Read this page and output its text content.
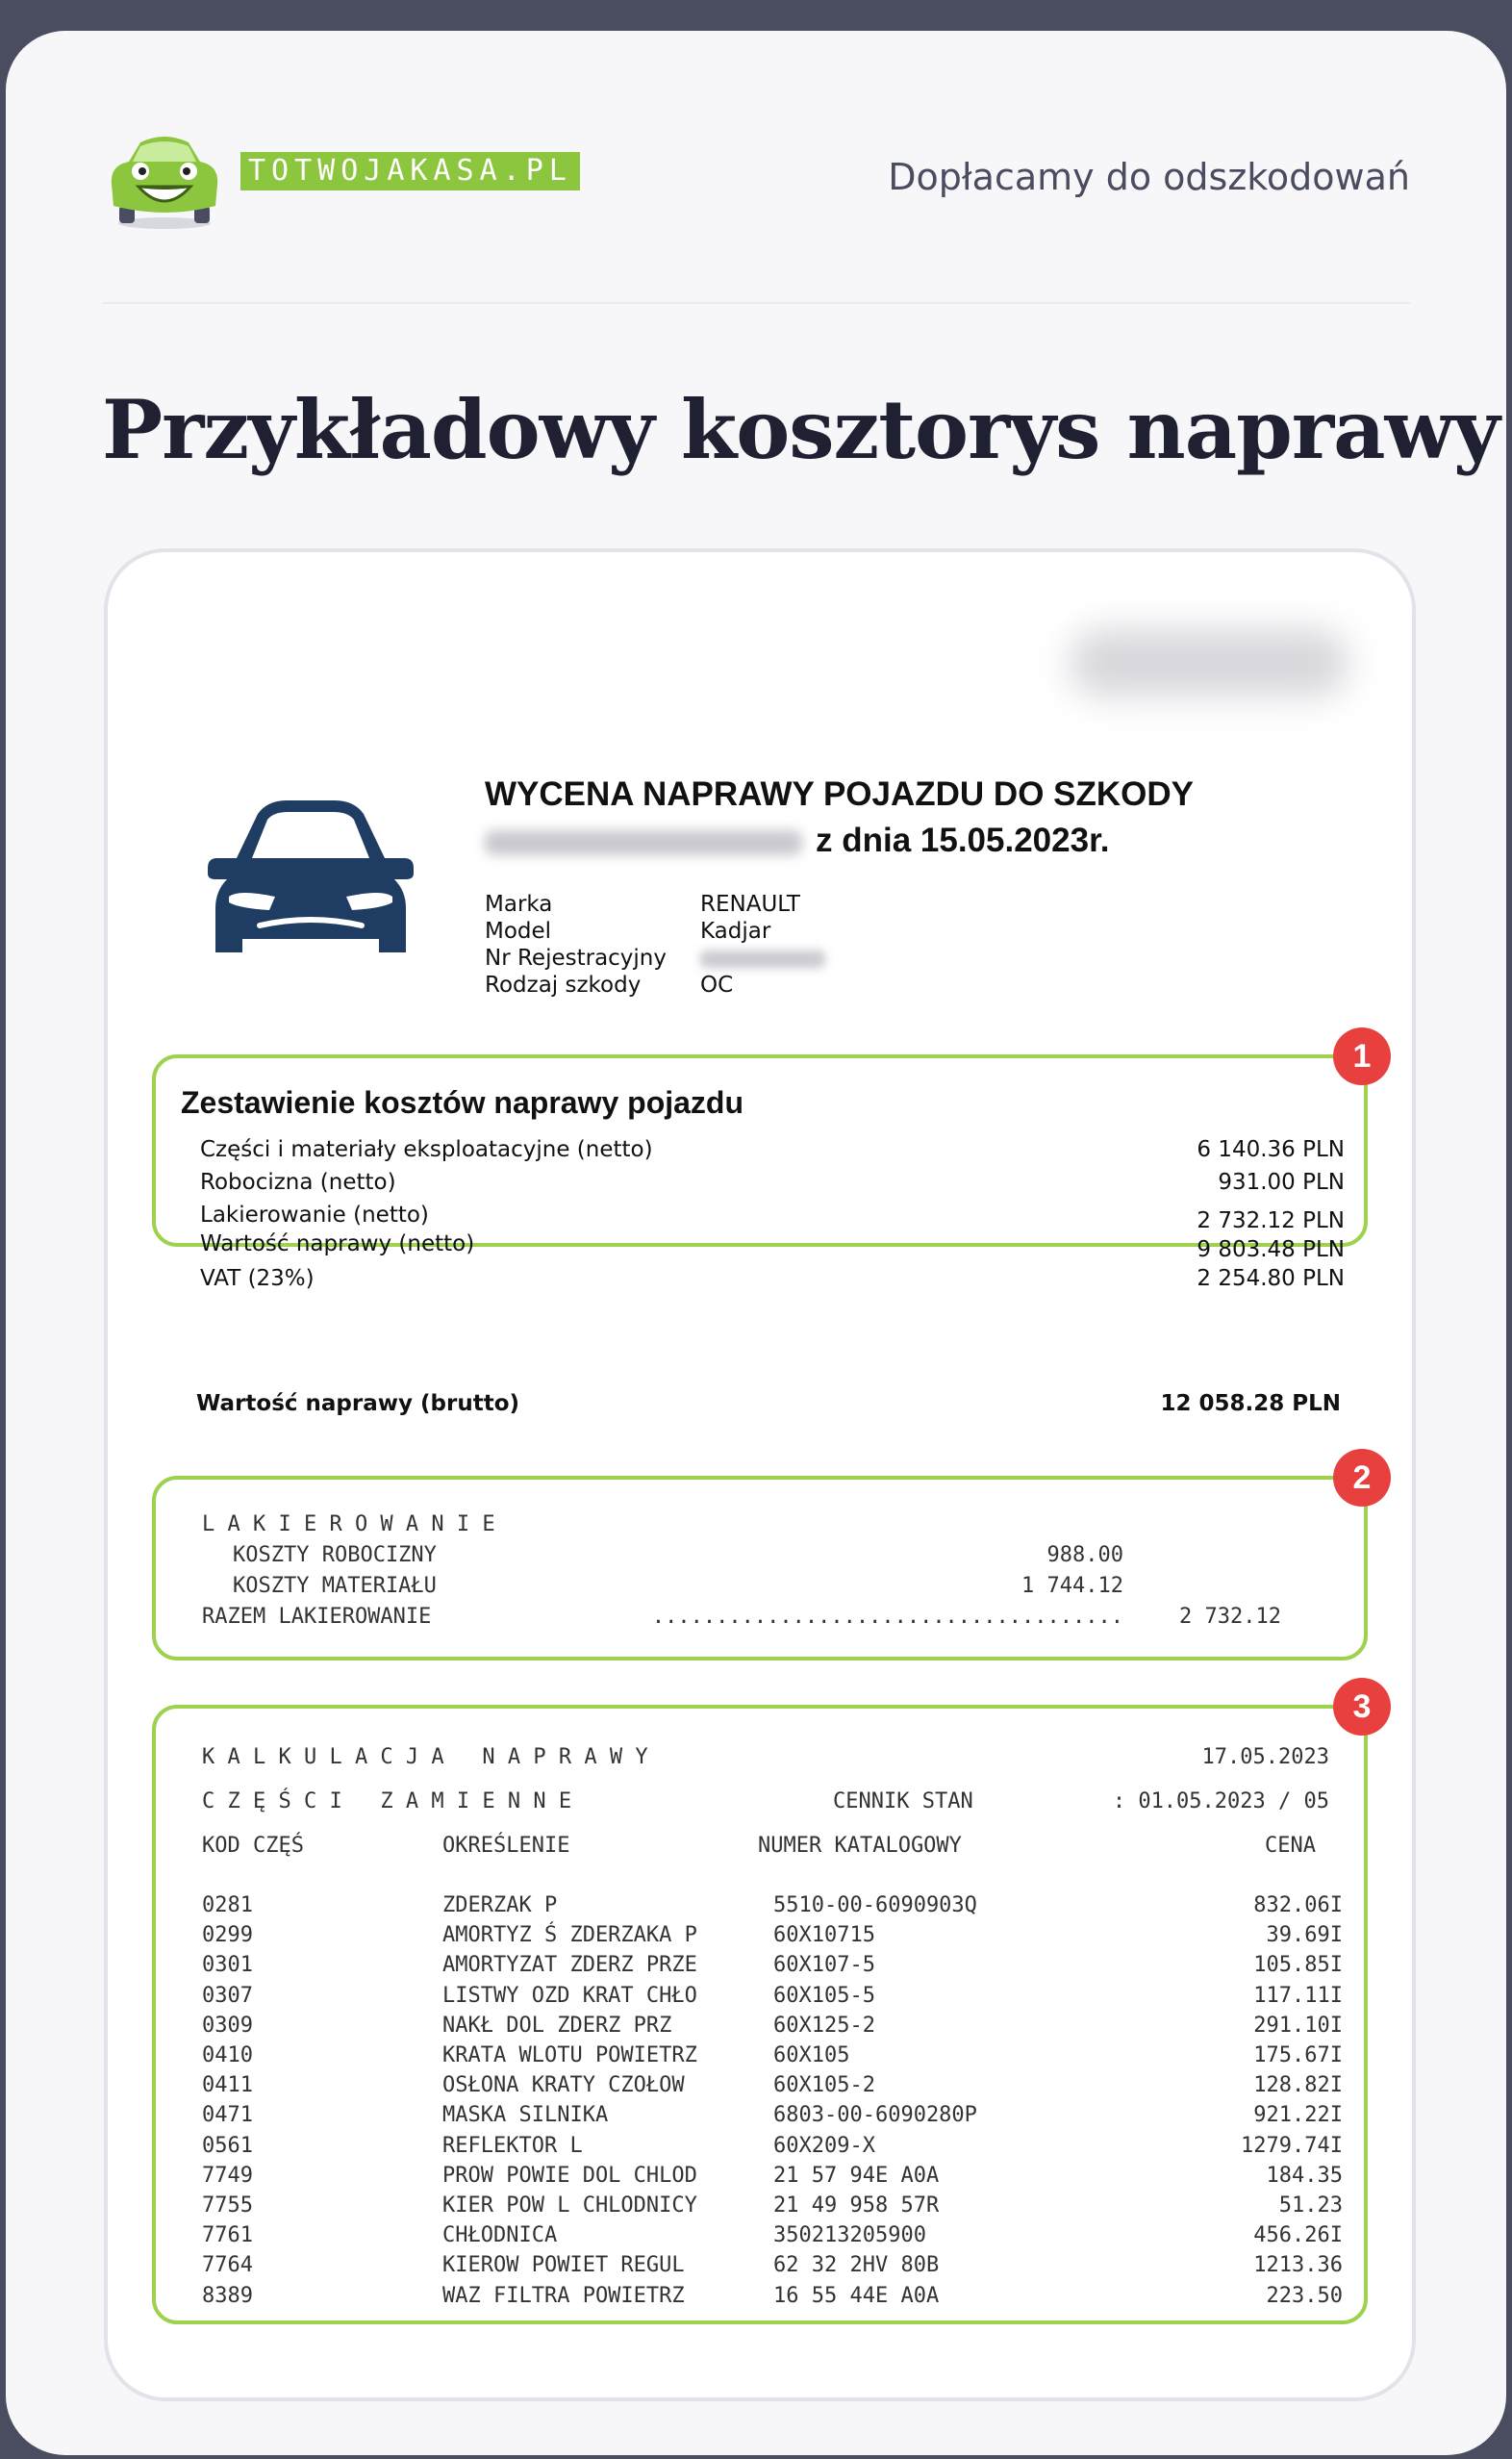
TOTWOJAKASA.PL	Dopłacamy do odszkodowań
Przykładowy kosztorys naprawy
WYCENA NAPRAWY POJAZDU DO SZKODY
z dnia 15.05.2023r.
Marka	RENAULT
Model	Kadjar
Nr Rejestracyjny
Rodzaj szkody	OC
Zestawienie kosztów naprawy pojazdu
Części i materiały eksploatacyjne (netto)	6 140.36 PLN
Robocizna (netto)	931.00 PLN
Lakierowanie (netto)	2 732.12 PLN
Wartość naprawy (netto)	9 803.48 PLN
VAT (23%)	2 254.80 PLN
1
Wartość naprawy (brutto)	12 058.28 PLN
L A K I E R O W A N I E
KOSZTY ROBOCIZNY	988.00
KOSZTY MATERIAŁU	1 744.12
RAZEM LAKIEROWANIE	.....................................	2 732.12
2
K A L K U L A C J A   N A P R A W Y	17.05.2023
C Z Ę Ś C I   Z A M I E N N E	CENNIK STAN	: 01.05.2023 / 05
KOD CZĘŚ	OKREŚLENIE	NUMER KATALOGOWY	CENA
0281	ZDERZAK P	5510-00-6090903Q	832.06I
0299	AMORTYZ Ś ZDERZAKA P	60X10715	39.69I
0301	AMORTYZAT ZDERZ PRZE	60X107-5	105.85I
0307	LISTWY OZD KRAT CHŁO	60X105-5	117.11I
0309	NAKŁ DOL ZDERZ PRZ	60X125-2	291.10I
0410	KRATA WLOTU POWIETRZ	60X105	175.67I
0411	OSŁONA KRATY CZOŁOW	60X105-2	128.82I
0471	MASKA SILNIKA	6803-00-6090280P	921.22I
0561	REFLEKTOR L	60X209-X	1279.74I
7749	PROW POWIE DOL CHLOD	21 57 94E A0A	184.35
7755	KIER POW L CHLODNICY	21 49 958 57R	51.23
7761	CHŁODNICA	350213205900	456.26I
7764	KIEROW POWIET REGUL	62 32 2HV 80B	1213.36
8389	WAZ FILTRA POWIETRZ	16 55 44E A0A	223.50
3
